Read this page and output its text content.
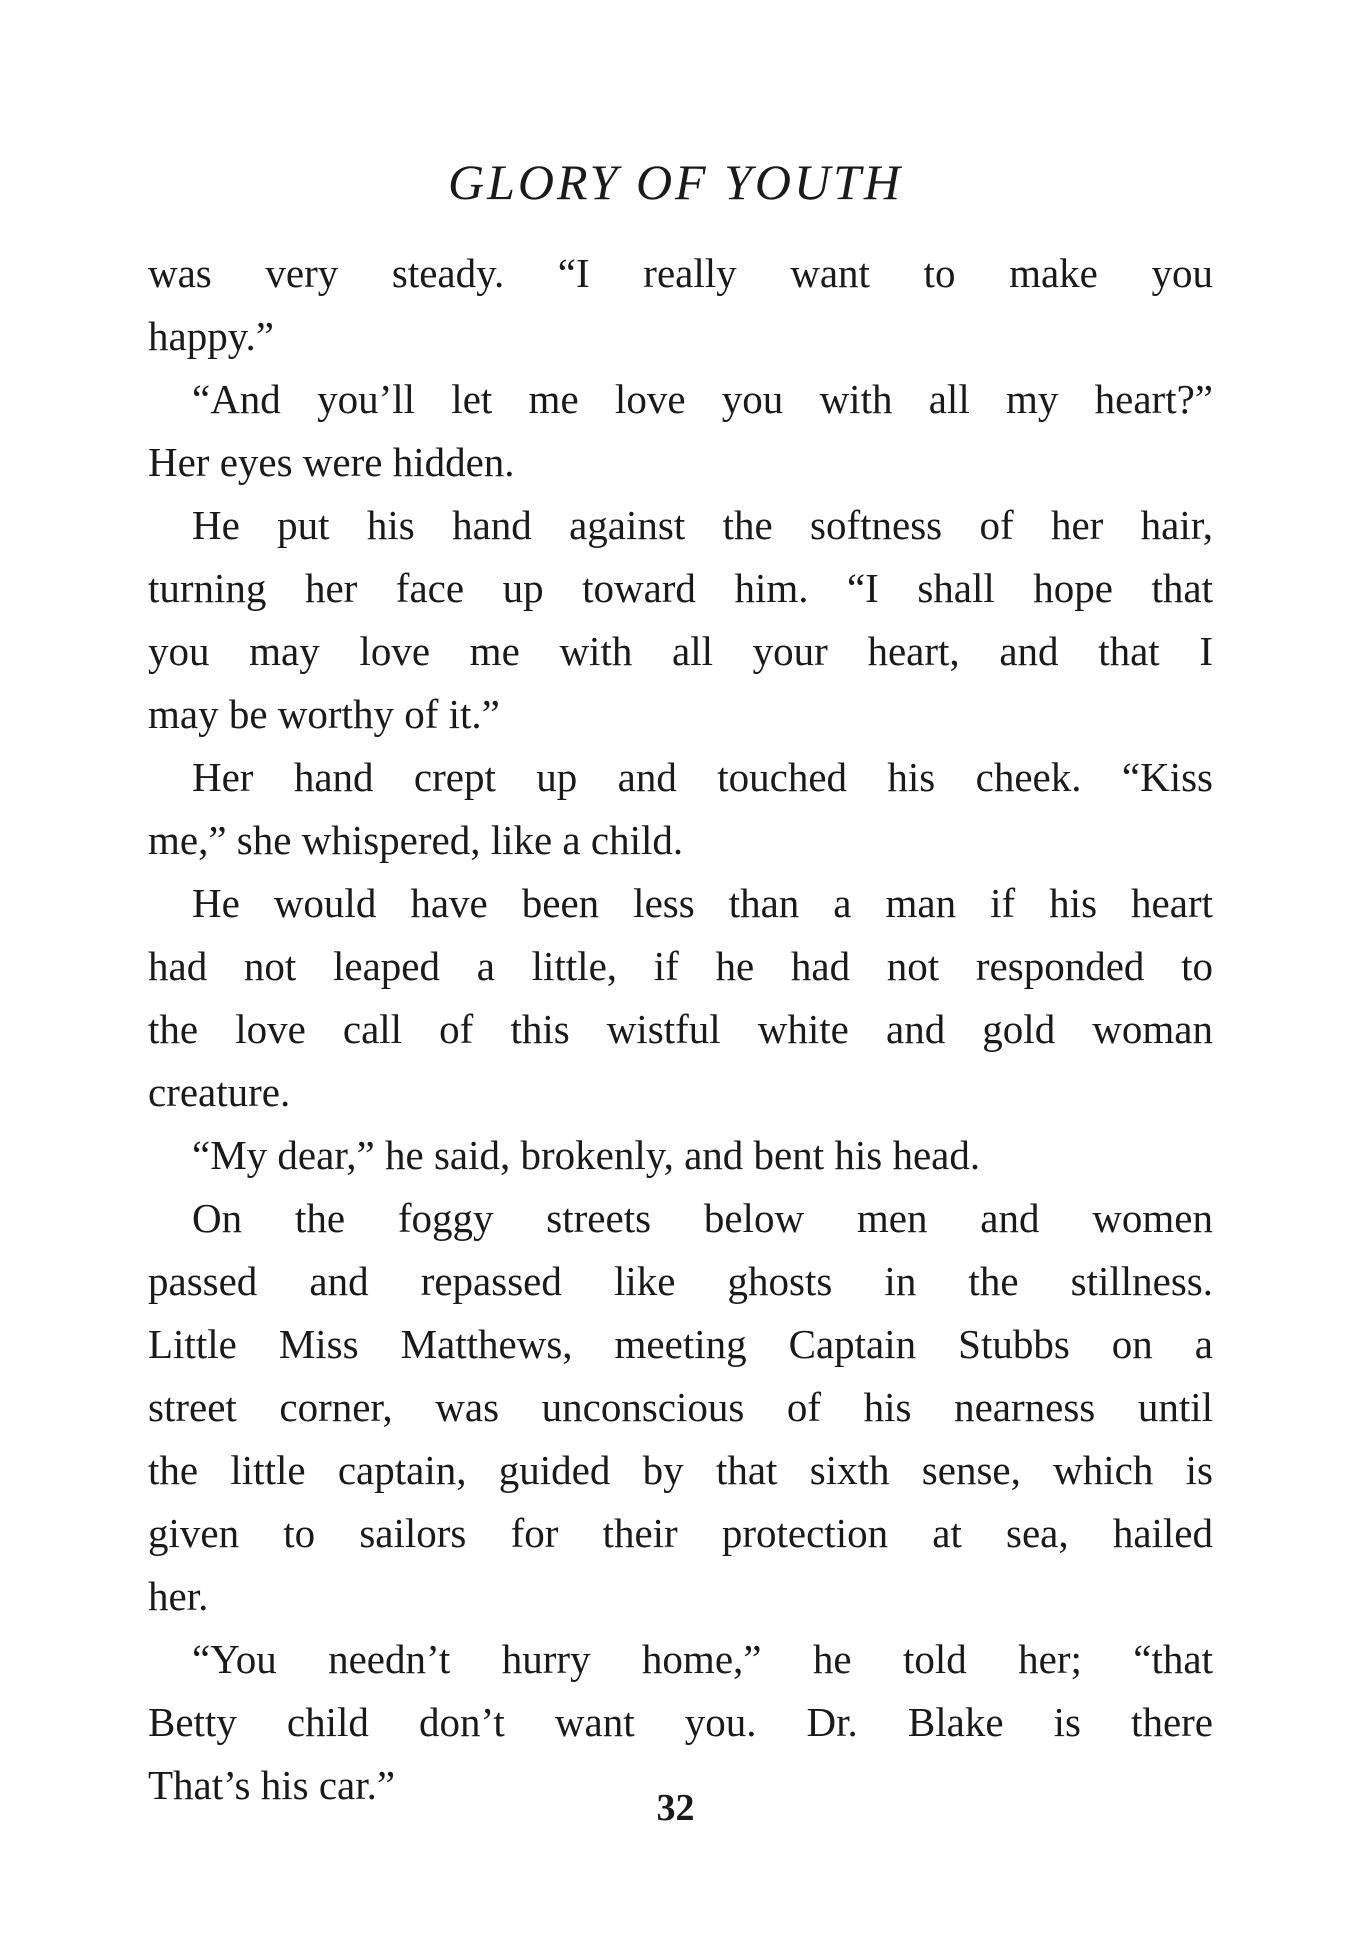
GLORY OF YOUTH
was very steady. “I really want to make you
happy.”
“And you’ll let me love you with all my heart?”
Her eyes were hidden.
He put his hand against the softness of her hair,
turning her face up toward him. “I shall hope that
you may love me with all your heart, and that I
may be worthy of it.”
Her hand crept up and touched his cheek. “Kiss
me,” she whispered, like a child.
He would have been less than a man if his heart
had not leaped a little, if he had not responded to
the love call of this wistful white and gold woman
creature.
“My dear,” he said, brokenly, and bent his head.
On the foggy streets below men and women
passed and repassed like ghosts in the stillness.
Little Miss Matthews, meeting Captain Stubbs on a
street corner, was unconscious of his nearness until
the little captain, guided by that sixth sense, which is
given to sailors for their protection at sea, hailed
her.
“You needn’t hurry home,” he told her; “that
Betty child don’t want you. Dr. Blake is there
That’s his car.”	32
